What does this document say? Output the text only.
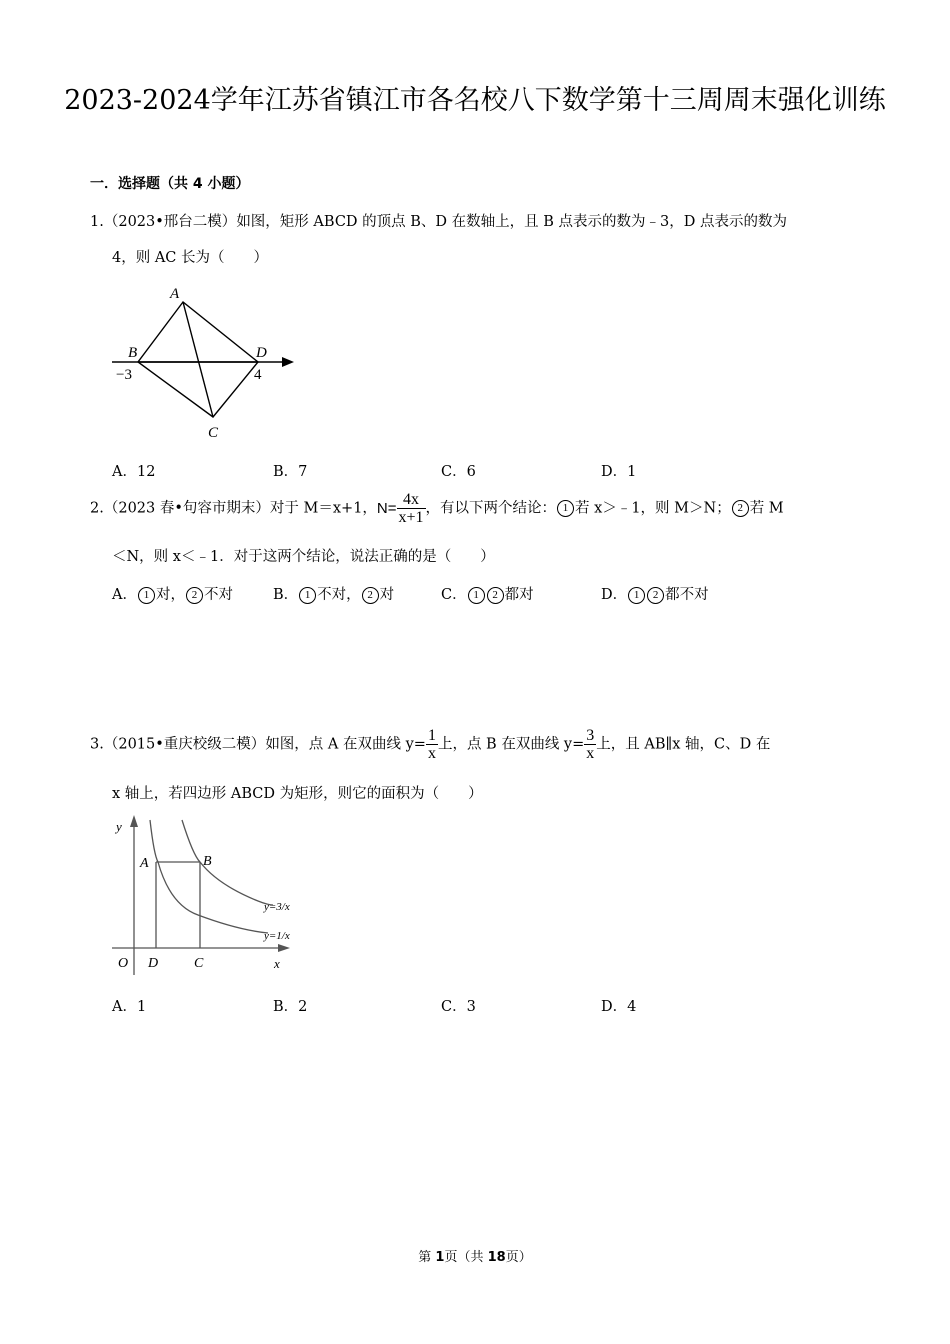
2023-2024学年江苏省镇江市各名校八下数学第十三周周末强化训练
一．选择题（共 4 小题）
1.（2023•邢台二模）如图，矩形 ABCD 的顶点 B、D 在数轴上，且 B 点表示的数为﹣3，D 点表示的数为
4，则 AC 长为（　　）
A
B	D
C
−3	4
A．12	B．7	C．6	D．1
2.（2023 春•句容市期末）对于 M＝x+1，$N= \frac{4x}{x+1}$ ，有以下两个结论： 1 若 x＞﹣1，则 M＞N； 2 若 M
＜N，则 x＜﹣1．对于这两个结论，说法正确的是（　　）
A． 1 对， 2 不对	B． 1 不对， 2 对	C． 1 2 都对	D． 1 2 都不对
3.（2015•重庆校级二模）如图，点 A 在双曲线 $y= \frac{1}{x}$ 上，点 B 在双曲线 $y= \frac{3}{x}$ 上，且 AB∥x 轴，C、D 在
x 轴上，若四边形 ABCD 为矩形，则它的面积为（　　）
y
A	B
O D	C	x
y=3/x
y=1/x
A．1	B．2	C．3	D．4
第 1页（共 18页）
